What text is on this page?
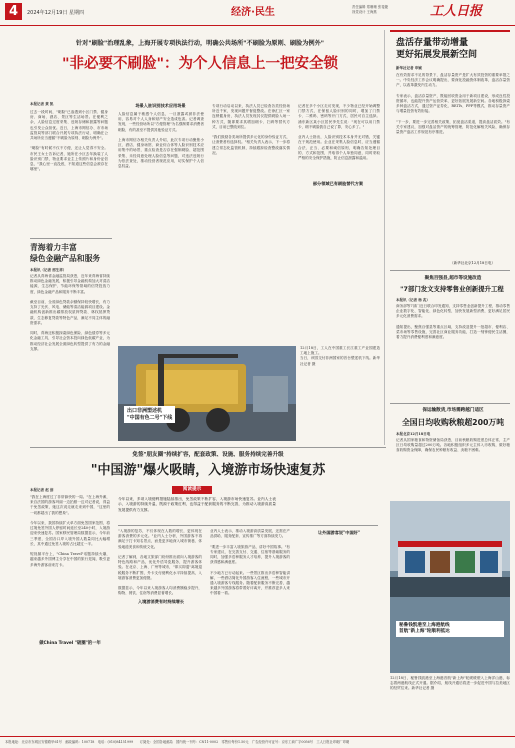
4	2024年12月19日 星期四	经济·民生	责任编辑 郑珊珊 张斐婕
视觉设计 王海燕	工人日报
针对"刷脸"治理乱象，上海开展专项执法行动，明确公共场所"不刷脸为原则、刷脸为例外"
"非必要不刷脸"：为个人信息上一把安全锁
本报记者 黄 凯
过去一段时间，"刷脸"已渗透到小区门禁、健身房、商场、酒店、景区等生活场景。在便利之余，人脸信息过度采集、违规存储和泄露等问题也引发公众担忧。近日，上海市网信办、市市场监管局等部门联合开展专项执法行动，明确在公共场所应当遵循"不刷脸为原则、刷脸为例外"。

"刷脸"有时候不仅不方便，还让人觉得不安全。市民王女士告诉记者，她所在小区去年换装了人脸识别门禁，物业要求业主上传照片和身份证信息，"我心里一直没底，不知道这些信息会被存在哪里"。
场景入驻识别技术应用场景
人脸信息属于敏感个人信息，一旦泄露或被非法使用，容易对个人人身和财产安全造成危害。记者调查发现，一些经营场所以"方便管理"为名强制要求消费者刷脸，有的甚至不提供其他验证方式。

上海市网信办相关负责人介绍，此次专项行动聚焦小区、酒店、健身场馆、商业综合体等人脸识别技术应用集中的场景，重点检查是否存在强制刷脸、超范围采集、未经同意处理人脸信息等问题，对违法违规行为依法查处，推动经营者规范应用，切实保护个人信息权益。
专项行动启动以来，执法人员已检查各类经营场所近千家，发现问题并督促整改。在徐汇区一家连锁健身房，执法人员发现其仅提供刷脸入场一种方式，随即要求其增加刷卡、扫码等替代方式，目前已整改到位。

"我们鼓励各类场所提供多元化的身份验证方式，让消费者有选择权。"相关负责人表示，下一步将建立常态化监管机制，持续跟踪检查整改落实情况。
部分领域已有刷脸替代方案
记者在多个小区走访发现，不少物业已经开始调整门禁方式，在保留人脸识别的同时，增加了门禁卡、二维码、密码等开门方式，居民可自主选择。浦东新区某小区居民李先生说："现在可以用门禁卡，刷不刷脸我自己说了算，安心多了。"

业内人士指出，人脸识别技术本身并无对错，关键在于规范使用。企业在采集人脸信息时，应当遵循合法、正当、必要和诚信原则，明确告知处理目的、方式和范围，并取得个人单独同意，同时采取严格的安全保护措施，防止信息泄露和滥用。
青海着力丰富
绿色金融产品和服务
本报讯（记者 邢生祥）
记者从青海省金融监管局获悉，近年来青海省持续推动绿色金融发展，积极引导金融机构加大对清洁能源、生态保护、节能环保等领域的信贷投放力度，绿色金融产品和服务不断丰富。

截至目前，全省绿色贷款余额保持较快增长，有力支持了光伏、风电、储能等清洁能源项目建设。金融机构创新推出碳排放权质押贷款、林权抵押贷款、生态修复贷款等特色产品，满足不同主体的融资需求。

同时，青海还积极探索绿色保险、绿色债券等多元化金融工具，引导社会资本投向绿色低碳产业，为推动经济社会发展全面绿色转型提供了有力的金融支撑。
出口非洲塑述机
"中国有色二号"下线
12月18日，工人在中国重工长江重工产业园建造工地上施工。
当日，该园交付非洲国家的首台塑述机下线。新华社记者 摄
盘活存量带动增量
更好拓展发展新空间
新华社记者 申铖
在有效需求不足的背景下，盘活存量资产是扩大有效投资的重要举措之一。中央经济工作会议明确提出，要深化投融资体制改革，盘活存量资产，以改革激发内生动力。

专家表示，盘活存量资产，既能回收资金用于新项目建设，形成良性投资循环，也能提升资产运营效率，更好拓展发展新空间。各地积极探索多种盘活方式，通过资产证券化、REITs、PPP等模式，推动存量资产与增量投资有效衔接。

"下一步，要进一步完善相关政策，拓宽盘活渠道，提高盘活质效。"有关专家建议，加强对盘活资产的统筹管理，防范化解相关风险，确保存量资产盘活工作规范有序推进。
（新华社北京12月18日电）
聚焦百强县,超市等设施改造
"7部门发文支持零售业创新提升工程
本报讯（记者 杨 兆）
商务部等7部门近日联合印发通知，支持零售业创新提升工程，推动零售企业数字化、智能化、绿色化转型，加快发展新型消费，更好满足居民多元化消费需求。

通知提出，聚焦百强县等重点区域，支持改造提升一批超市、便利店、菜市场等零售设施，完善社区商业服务功能，打造一刻钟便民生活圈，着力提升消费便利度和满意度。
保运输散货,市场需跨越门适区
全国日均收购秋粮超200万吨
本报北京12月18日电
记者从国家粮食和物资储备局获悉，目前秋粮收购进度总体正常，主产区日均收购量超过200万吨。各地积极组织多元主体入市收购，做好粮食收购资金保障，确保农民种粮有收益、卖粮不困难。
免签"朋友圈"持续扩容，配套政策、设施、服务持续完善升级
"中国游"爆火吸睛，入境游市场快速复苏
本报记者 赵 剑
"我在上海度过了非常愉快的一周。"在上海外滩，来自法国的游客玛丽一边拍照一边对记者说，得益于免签政策，她这次说走就走来到中国，"这里的一切都超出了我的想象"。

今年以来，我国持续扩大单方面免签国家范围，将过境免签外国人停留时间延长至240小时，入境游迎来快速复苏。国家移民管理局数据显示，今年前三季度，全国各口岸入境外国人数量同比大幅增长，其中通过免签入境的占比超过一半。

短视频平台上，"China Travel"话题持续火爆，越来越多外国博主分享在中国的旅行见闻，吸引更多海外游客前来打卡。
阅读提示
今年以来，多项入境便利措施陆续推出，免签政策不断扩容，入境游市场快速复苏。业内人士表示，入境游的持续升温，既源于政策红利，也得益于配套服务的不断完善，为推动入境游高质量发展提供有力支撑。
"入境游的复苏，不仅体现在人数的增长，更体现在游客消费的多元化。"业内人士分析，外国游客不再满足于打卡知名景点，而是更多地深入城市街巷、体验地道美食和传统文化。

记者了解到，各地文旅部门纷纷推出面向入境游客的特色线路和产品，优化外语导览服务，提升游客体验。在北京、上海、广州等城市，"即买即退"离境退税服务不断扩围，外卡支付便利化水平持续提高，入境游客消费更加便捷。

数据显示，今年以来入境游客人均消费额稳步提升，购物、餐饮、住宿等消费显著增长。
入境游消费有时持续增长
业内人士表示，推动入境游高质量发展，还需在产品供给、服务配套、宣传推广等方面持续发力。

"要进一步丰富入境旅游产品，讲好中国故事。"有专家建议，在完善支付、交通、住宿等基础服务的同时，加强多语种服务人才培养，提升入境游客的获得感和满意度。

不少地方已行动起来。一些景区推出多语种智能讲解，一些酒店简化外国游客入住流程，一些城市开通入境游客专线服务。随着配套服务不断完善，越来越多外国游客将带着好评离开，并推荐更多人来中国看一看。
让外国游客说"中国好"
做China Travel "破圈"的一年
秘鲁钱凯港至上海港航线
首航"新上海"轮顺利抵达
12月18日，秘鲁钱凯港至上海港首航"新上海"轮缓缓驶入上海洋山港，标志着两港航线正式开通。据介绍，航线开通后将进一步促进中国与拉美地区的经贸往来。新华社记者 摄
本报地址：北京市东城区安德路甲61号　邮政编码：100718　电话：(010)84151999　　订阅处：全国各地邮局　国内统一刊号：CN11-0002　零售价每份1.50元　广告经营许可证号：京东工商广字0056号　工人日报社印刷厂印刷
